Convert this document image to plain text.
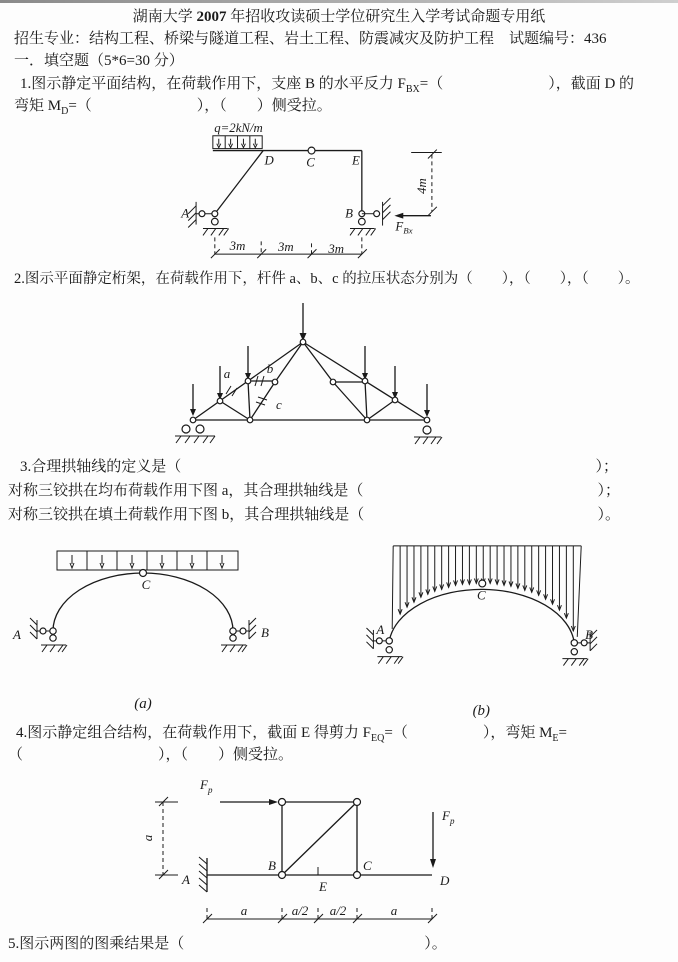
湖南大学 2007 年招收攻读硕士学位研究生入学考试命题专用纸

招生专业：结构工程、桥梁与隧道工程、岩土工程、防震减灾及防护工程　试题编号：436

一．填空题（5*6=30 分）

1.图示静定平面结构，在荷载作用下，支座 B 的水平反力 $F_{BX}=$（　　　　　　　），截面 D 的

弯矩 $M_D=$（　　　　　　　），（　　）侧受拉。

q=2kN/m
D	C	E
A	B
$F_{Bx}$
4m
3m	3m	3m

2.图示平面静定桁架，在荷载作用下，杆件 a、b、c 的拉压状态分别为（　　），（　　），（　　）。

a	b
c
3.合理拱轴线的定义是（	）；
对称三铰拱在均布荷载作用下图 a，其合理拱轴线是（	）；
对称三铰拱在填土荷载作用下图 b，其合理拱轴线是（	）。
C
A	B
(a)
C
A	B
(b)

4.图示静定组合结构，在荷载作用下，截面 E 得剪力 $F_{EQ}=$（　　　　　），弯矩 $M_E=$

（　　　　　　　　　），（　　）侧受拉。

$F_p$
$F_p$
A
B	C
D
E
a
a	a/2 a/2	a

5.图示两图的图乘结果是（　　　　　　　　　　　　　　　　）。
